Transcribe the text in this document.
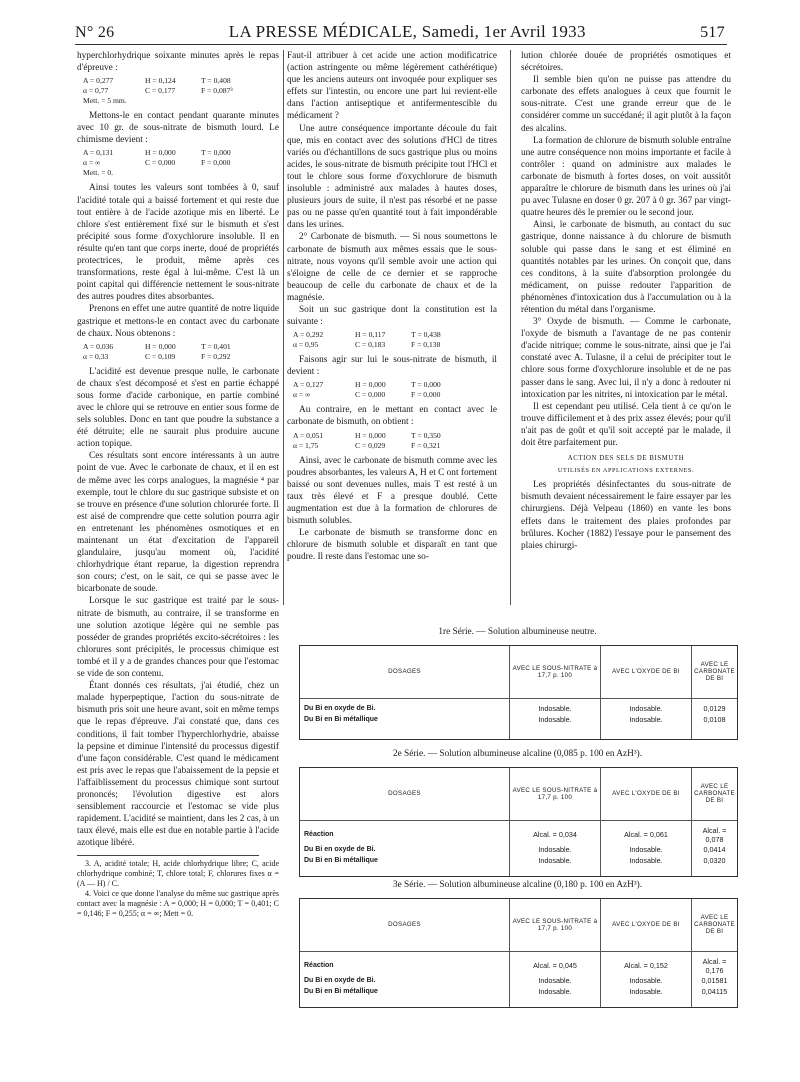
N° 26	LA PRESSE MÉDICALE, Samedi, 1er Avril 1933	517

hyperchlorhydrique soixante minutes après le repas d'épreuve :

A = 0,277	H = 0,124	T = 0,408
α = 0,77	C = 0,177	F = 0,087³
Mett. = 5 mm.

Mettons-le en contact pendant quarante minutes avec 10 gr. de sous-nitrate de bismuth lourd. Le chimisme devient :

A = 0,131	H = 0,000	T = 0,000
α = ∞	C = 0,000	F = 0,000
Mett. = 0.

Ainsi toutes les valeurs sont tombées à 0, sauf l'acidité totale qui a baissé fortement et qui reste due tout entière à de l'acide azotique mis en liberté. Le chlore s'est entièrement fixé sur le bismuth et s'est précipité sous forme d'oxychlorure insoluble. Il en résulte qu'en tant que corps inerte, doué de propriétés protectrices, le produit, même après ces transformations, reste égal à lui-même. C'est là un point capital qui différencie nettement le sous-nitrate des autres poudres dites absorbantes.

Prenons en effet une autre quantité de notre liquide gastrique et mettons-le en contact avec du carbonate de chaux. Nous obtenons :

A = 0,036	H = 0,000	T = 0,401
α = 0,33	C = 0,109	F = 0,292

L'acidité est devenue presque nulle, le carbonate de chaux s'est décomposé et s'est en partie échappé sous forme d'acide carbonique, en partie combiné avec le chlore qui se retrouve en entier sous forme de sels solubles. Donc en tant que poudre la substance a été détruite; elle ne saurait plus produire aucune action topique.

Ces résultats sont encore intéressants à un autre point de vue. Avec le carbonate de chaux, et il en est de même avec les corps analogues, la magnésie ⁴ par exemple, tout le chlore du suc gastrique subsiste et on se trouve en présence d'une solution chlorurée forte. Il est aisé de comprendre que cette solution pourra agir en entretenant les phénomènes osmotiques et en maintenant un état d'excitation de l'appareil glandulaire, jusqu'au moment où, l'acidité chlorhydrique étant reparue, la digestion reprendra son cours; c'est, on le sait, ce qui se passe avec le bicarbonate de soude.

Lorsque le suc gastrique est traité par le sous-nitrate de bismuth, au contraire, il se transforme en une solution azotique légère qui ne semble pas posséder de grandes propriétés excito-sécrétoires : les chlorures sont précipités, le processus chimique est tombé et il y a de grandes chances pour que l'estomac se vide de son contenu.

Étant donnés ces résultats, j'ai étudié, chez un malade hyperpeptique, l'action du sous-nitrate de bismuth pris soit une heure avant, soit en même temps que le repas d'épreuve. J'ai constaté que, dans ces conditions, il fait tomber l'hyperchlorhydrie, abaisse la pepsine et diminue l'intensité du processus digestif d'une façon considérable. C'est quand le médicament est pris avec le repas que l'abaissement de la pepsie et l'affaiblissement du processus chimique sont surtout prononcés; l'évolution digestive est alors sensiblement raccourcie et l'estomac se vide plus rapidement. L'acidité se maintient, dans les 2 cas, à un taux élevé, mais elle est due en notable partie à l'acide azotique libéré.

3. A, acidité totale; H, acide chlorhydrique libre; C, acide chlorhydrique combiné; T, chlore total; F, chlorures fixes α = (A — H) / C.

4. Voici ce que donne l'analyse du même suc gastrique après contact avec la magnésie : A = 0,000; H = 0,000; T = 0,401; C = 0,146; F = 0,255; α = ∞; Mett = 0.

Faut-il attribuer à cet acide une action modificatrice (action astringente ou même légèrement cathérétique) que les anciens auteurs ont invoquée pour expliquer ses effets sur l'intestin, ou encore une part lui revient-elle dans l'action antiseptique et antifermentescible du médicament ?

Une autre conséquence importante découle du fait que, mis en contact avec des solutions d'HCl de titres variés ou d'échantillons de sucs gastrique plus ou moins acides, le sous-nitrate de bismuth précipite tout l'HCl et tout le chlore sous forme d'oxychlorure de bismuth insoluble : administré aux malades à hautes doses, plusieurs jours de suite, il n'est pas résorbé et ne passe pas ou ne passe qu'en quantité tout à fait impondérable dans les urines.

2° Carbonate de bismuth. — Si nous soumettons le carbonate de bismuth aux mêmes essais que le sous-nitrate, nous voyons qu'il semble avoir une action qui s'éloigne de celle de ce dernier et se rapproche beaucoup de celle du carbonate de chaux et de la magnésie.

Soit un suc gastrique dont la constitution est la suivante :

A = 0,292	H = 0,117	T = 0,438
α = 0,95	C = 0,183	F = 0,138

Faisons agir sur lui le sous-nitrate de bismuth, il devient :

A = 0,127	H = 0,000	T = 0,000
α = ∞	C = 0,000	F = 0,000

Au contraire, en le mettant en contact avec le carbonate de bismuth, on obtient :

A = 0,051	H = 0,000	T = 0,350
α = 1,75	C = 0,029	F = 0,321

Ainsi, avec le carbonate de bismuth comme avec les poudres absorbantes, les valeurs A, H et C ont fortement baissé ou sont devenues nulles, mais T est resté à un taux très élevé et F a presque doublé. Cette augmentation est due à la formation de chlorures de bismuth solubles.

Le carbonate de bismuth se transforme donc en chlorure de bismuth soluble et disparaît en tant que poudre. Il reste dans l'estomac une so-

lution chlorée douée de propriétés osmotiques et sécrétoires.

Il semble bien qu'on ne puisse pas attendre du carbonate des effets analogues à ceux que fournit le sous-nitrate. C'est une grande erreur que de le considérer comme un succédané; il agit plutôt à la façon des alcalins.

La formation de chlorure de bismuth soluble entraîne une autre conséquence non moins importante et facile à contrôler : quand on administre aux malades le carbonate de bismuth à fortes doses, on voit aussitôt apparaître le chlorure de bismuth dans les urines où j'ai pu avec Tulasne en doser 0 gr. 207 à 0 gr. 367 par vingt-quatre heures dès le premier ou le second jour.

Ainsi, le carbonate de bismuth, au contact du suc gastrique, donne naissance à du chlorure de bismuth soluble qui passe dans le sang et est éliminé en quantités notables par les urines. On conçoit que, dans ces conditons, à la suite d'absorption prolongée du médicament, on puisse redouter l'apparition de phénomènes d'intoxication dus à l'accumulation ou à la rétention du métal dans l'organisme.

3° Oxyde de bismuth. — Comme le carbonate, l'oxyde de bismuth a l'avantage de ne pas contenir d'acide nitrique; comme le sous-nitrate, ainsi que je l'ai constaté avec A. Tulasne, il a celui de précipiter tout le chlore sous forme d'oxychlorure insoluble et de ne pas passer dans le sang. Avec lui, il n'y a donc à redouter ni intoxication par les nitrites, ni intoxication par le métal.

Il est cependant peu utilisé. Cela tient à ce qu'on le trouve difficilement et à des prix assez élevés; pour qu'il n'ait pas de goût et qu'il soit accepté par le malade, il doit être parfaitement pur.

ACTION DES SELS DE BISMUTH

UTILISÉS EN APPLICATIONS EXTERNES.

Les propriétés désinfectantes du sous-nitrate de bismuth devaient nécessairement le faire essayer par les chirurgiens. Déjà Velpeau (1860) en vante les bons effets dans le traitement des plaies profondes par brûlures. Kocher (1882) l'essaye pour le pansement des plaies chirurgi-

1re Série. — Solution albumineuse neutre.
DOSAGES	AVEC LE SOUS-NITRATE à 17,7 p. 100	AVEC L'OXYDE DE BI	AVEC LE CARBONATE DE BI

Du Bi en oxyde de Bi.	Indosable.	Indosable.	0,0129
Du Bi en Bi métallique	Indosable.	Indosable.	0,0108

2e Série. — Solution albumineuse alcaline (0,085 p. 100 en AzH³).
DOSAGES	AVEC LE SOUS-NITRATE à 17,7 p. 100	AVEC L'OXYDE DE BI	AVEC LE CARBONATE DE BI

Réaction	Alcal. = 0,034	Alcal. = 0,061	Alcal. = 0,078
Du Bi en oxyde de Bi.	Indosable.	Indosable.	0,0414
Du Bi en Bi métallique	Indosable.	Indosable.	0,0320

3e Série. — Solution albumineuse alcaline (0,180 p. 100 en AzH³).
DOSAGES	AVEC LE SOUS-NITRATE à 17,7 p. 100	AVEC L'OXYDE DE BI	AVEC LE CARBONATE DE BI

Réaction	Alcal. = 0,045	Alcal. = 0,152	Alcal. = 0,176
Du Bi en oxyde de Bi.	Indosable.	Indosable.	0,01581
Du Bi en Bi métallique	Indosable.	Indosable.	0,04115
